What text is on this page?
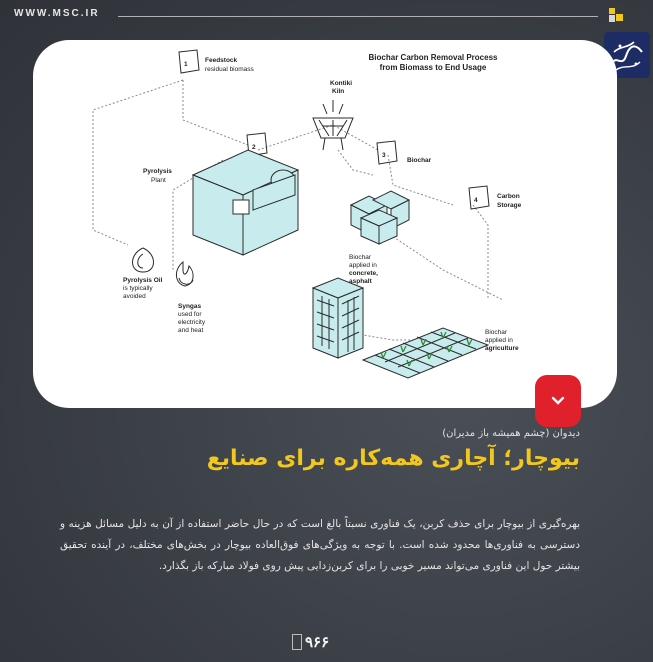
WWW.MSC.IR
Biochar Carbon Removal Process
from Biomass to End Usage
1
Feedstock
residual biomass
Kontiki
Kiln
2
Pyrolysis
Plant
3
Biochar
4
Carbon
Storage
Pyrolysis Oil
is typically
avoided
Syngas
used for
electricity
and heat
Biochar
applied in
concrete,
asphalt
Biochar
applied in
agriculture
دیدوان (چشم همیشه باز مدیران)
بیوچار؛ آچاری همه‌کاره برای صنایع
بهره‌گیری از بیوچار برای حذف کربن، یک فناوری نسبتاً بالغ است که در حال حاضر استفاده از آن به دلیل مسائل هزینه و دسترسی به فناوری‌ها محدود شده است. با توجه به ویژگی‌های فوق‌العاده بیوچار در بخش‌های مختلف، در آینده تحقیق بیشتر حول این فناوری می‌تواند مسیر خوبی را برای کربن‌زدایی پیش روی فولاد مبارکه باز بگذارد.
۹۶۶
